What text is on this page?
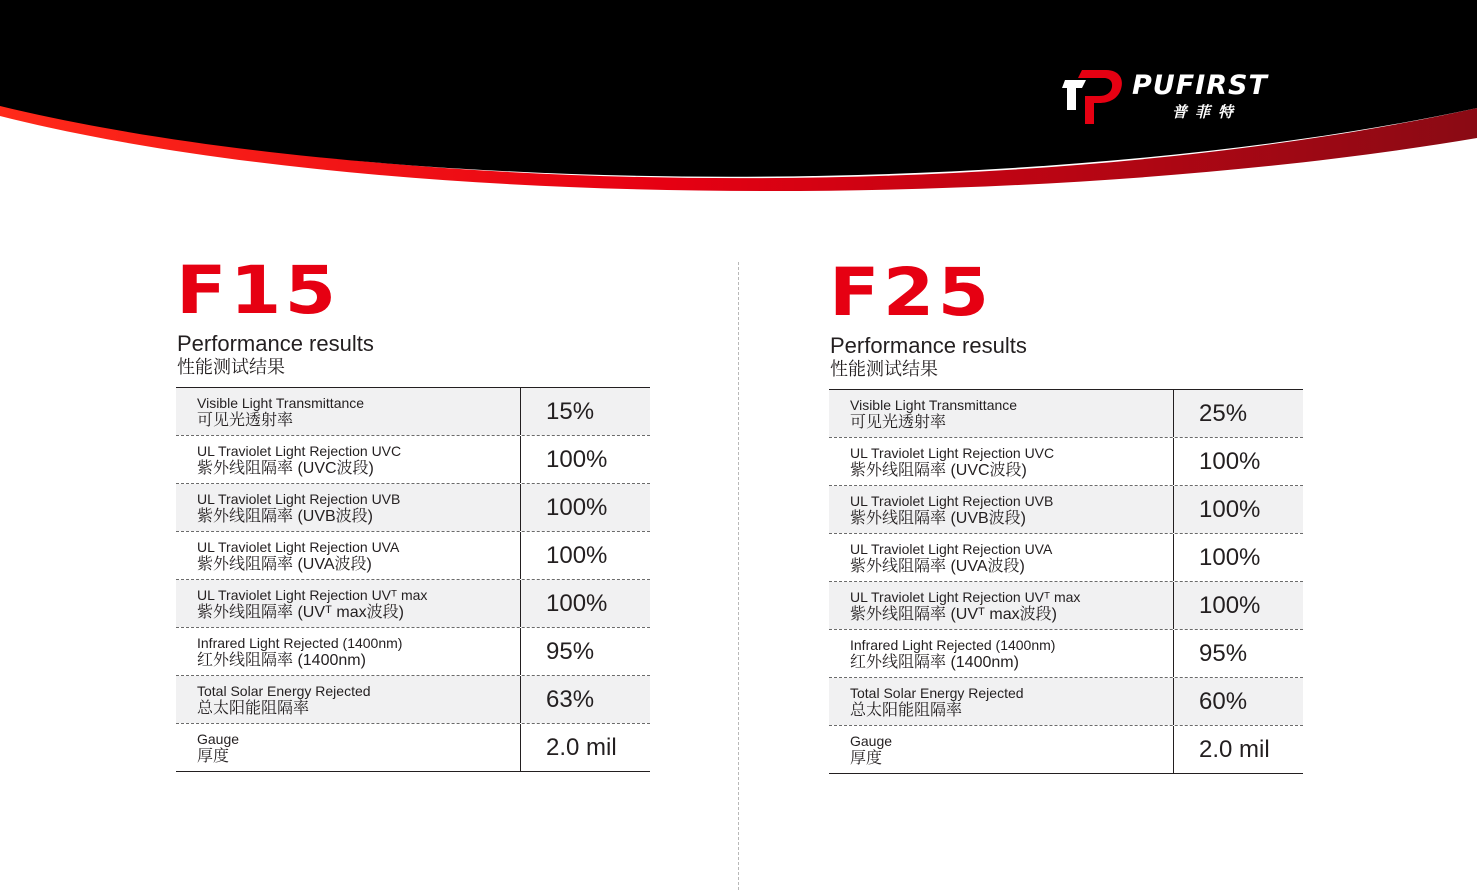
PUFIRST
普菲特
F15
Performance results
性能测试结果
Visible Light Transmittance
可见光透射率	15%
UL Traviolet Light Rejection UVC
紫外线阻隔率 (UVC波段)	100%
UL Traviolet Light Rejection UVB
紫外线阻隔率 (UVB波段)	100%
UL Traviolet Light Rejection UVA
紫外线阻隔率 (UVA波段)	100%
UL Traviolet Light Rejection UVᵀ max
紫外线阻隔率 (UVᵀ max波段)	100%
Infrared Light Rejected (1400nm)
红外线阻隔率 (1400nm)	95%
Total Solar Energy Rejected
总太阳能阻隔率	63%
Gauge
厚度	2.0 mil
F25
Performance results
性能测试结果
Visible Light Transmittance
可见光透射率	25%
UL Traviolet Light Rejection UVC
紫外线阻隔率 (UVC波段)	100%
UL Traviolet Light Rejection UVB
紫外线阻隔率 (UVB波段)	100%
UL Traviolet Light Rejection UVA
紫外线阻隔率 (UVA波段)	100%
UL Traviolet Light Rejection UVᵀ max
紫外线阻隔率 (UVᵀ max波段)	100%
Infrared Light Rejected (1400nm)
红外线阻隔率 (1400nm)	95%
Total Solar Energy Rejected
总太阳能阻隔率	60%
Gauge
厚度	2.0 mil
